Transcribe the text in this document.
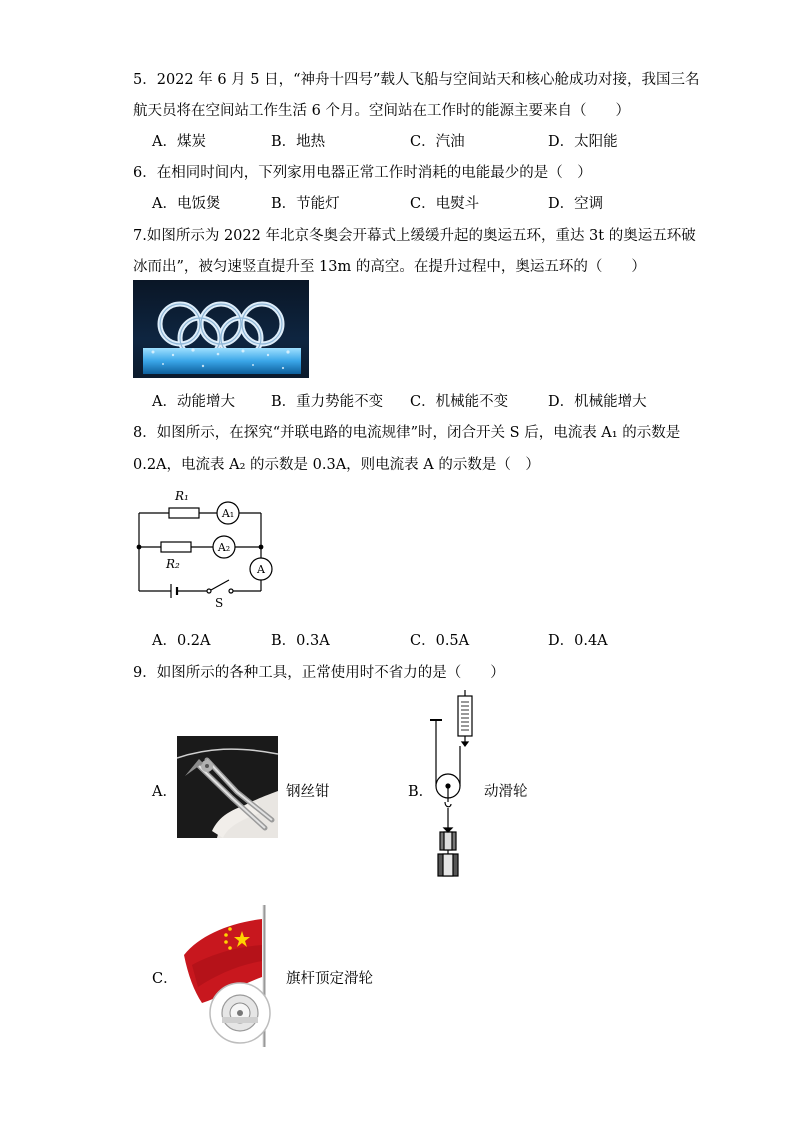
5．2022 年 6 月 5 日，“神舟十四号”载人飞船与空间站天和核心舱成功对接，我国三名
航天员将在空间站工作生活 6 个月。空间站在工作时的能源主要来自（　　）
A．煤炭	B．地热	C．汽油	D．太阳能
6．在相同时间内，下列家用电器正常工作时消耗的电能最少的是（　）
A．电饭煲	B．节能灯	C．电熨斗	D．空调
7.如图所示为 2022 年北京冬奥会开幕式上缓缓升起的奥运五环，重达 3t 的奥运五环破
冰而出”，被匀速竖直提升至 13m 的高空。在提升过程中，奥运五环的（　　）
A．动能增大 B．重力势能不变 C．机械能不变	D．机械能增大
8．如图所示，在探究“并联电路的电流规律”时，闭合开关 S 后，电流表 A₁ 的示数是
0.2A，电流表 A₂ 的示数是 0.3A，则电流表 A 的示数是（　）
R₁
R₂
A₁
A₂
A
S
A．0.2A	B．0.3A	C．0.5A	D．0.4A
9．如图所示的各种工具，正常使用时不省力的是（　　）
A．	钢丝钳	B．	动滑轮
C．	旗杆顶定滑轮
